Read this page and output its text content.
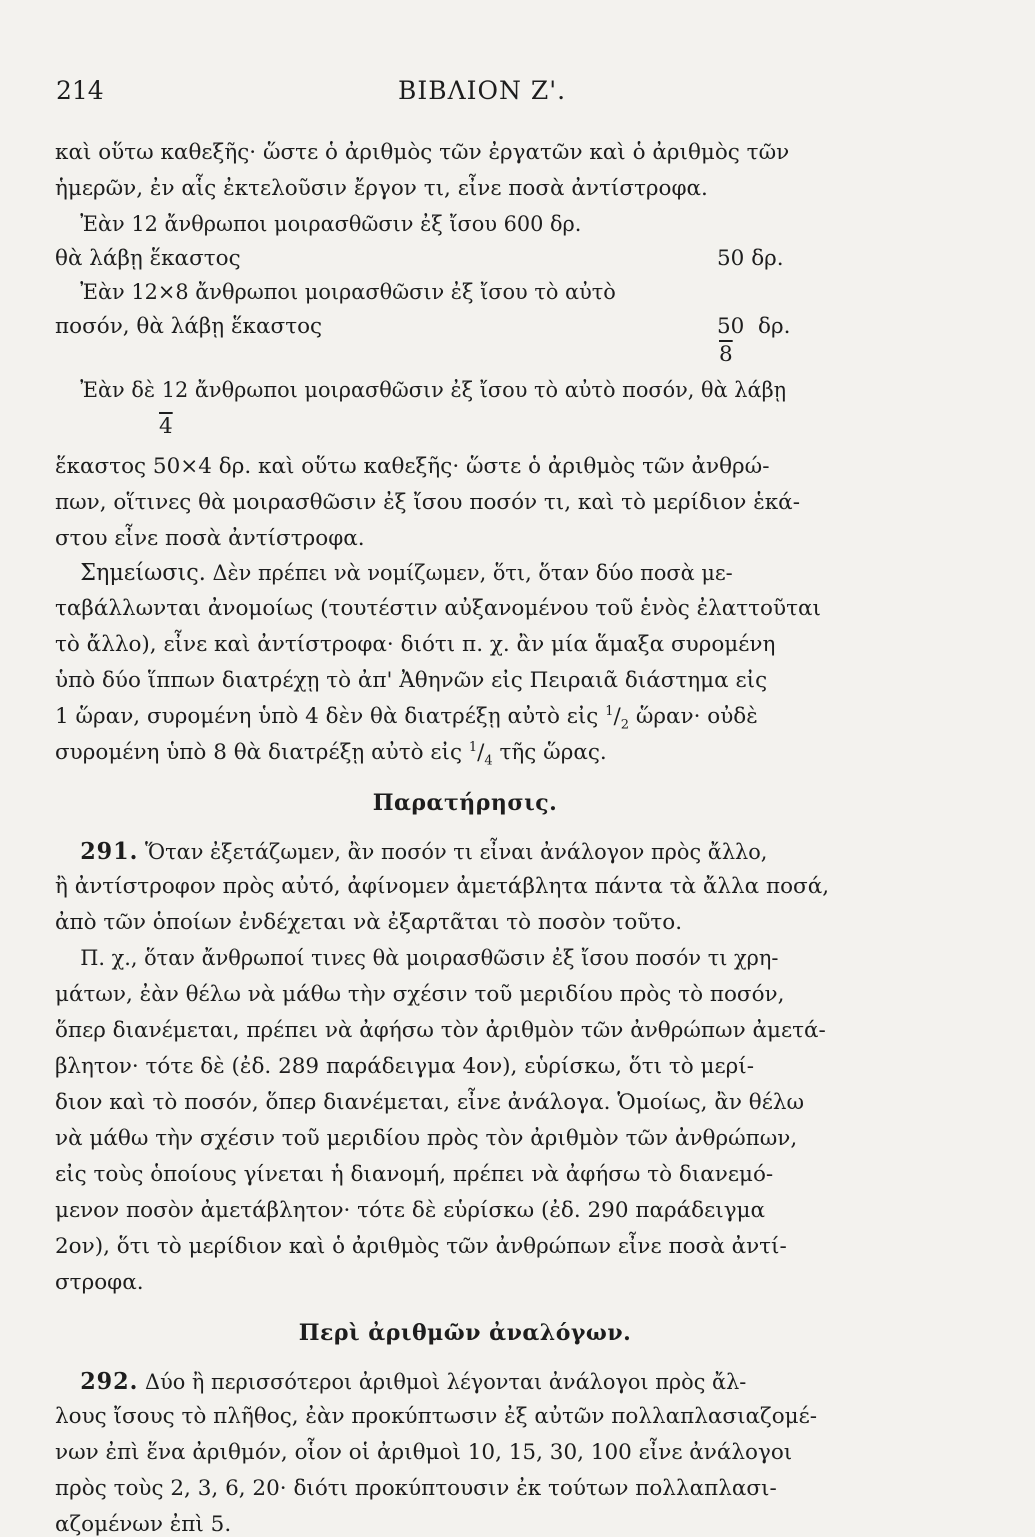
214	ΒΙΒΛΙΟΝ Ζ'.
καὶ οὕτω καθεξῆς· ὥστε ὁ ἀριθμὸς τῶν ἐργατῶν καὶ ὁ ἀριθμὸς τῶν
ἡμερῶν, ἐν αἷς ἐκτελοῦσιν ἔργον τι, εἶνε ποσὰ ἀντίστροφα.
Ἐὰν 12 ἄνθρωποι μοιρασθῶσιν ἐξ ἴσου 600 δρ.
θὰ λάβῃ ἕκαστος	50 δρ.
Ἐὰν 12×8 ἄνθρωποι μοιρασθῶσιν ἐξ ἴσου τὸ αὐτὸ
ποσόν, θὰ λάβῃ ἕκαστος	50 δρ.
8
Ἐὰν δὲ 12 ἄνθρωποι μοιρασθῶσιν ἐξ ἴσου τὸ αὐτὸ ποσόν, θὰ λάβῃ
4
ἕκαστος 50×4 δρ. καὶ οὕτω καθεξῆς· ὥστε ὁ ἀριθμὸς τῶν ἀνθρώ-
πων, οἵτινες θὰ μοιρασθῶσιν ἐξ ἴσου ποσόν τι, καὶ τὸ μερίδιον ἑκά-
στου εἶνε ποσὰ ἀντίστροφα.
Σημείωσις. Δὲν πρέπει νὰ νομίζωμεν, ὅτι, ὅταν δύο ποσὰ με-
ταβάλλωνται ἀνομοίως (τουτέστιν αὐξανομένου τοῦ ἑνὸς ἐλαττοῦται
τὸ ἄλλο), εἶνε καὶ ἀντίστροφα· διότι π. χ. ἂν μία ἅμαξα συρομένη
ὑπὸ δύο ἵππων διατρέχῃ τὸ ἀπ' Ἀθηνῶν εἰς Πειραιᾶ διάστημα εἰς
1 ὥραν, συρομένη ὑπὸ 4 δὲν θὰ διατρέξῃ αὐτὸ εἰς $^1/_2$ ὥραν· οὐδὲ
συρομένη ὑπὸ 8 θὰ διατρέξῃ αὐτὸ εἰς $^1/_4$ τῆς ὥρας.
Παρατήρησις.
291. Ὅταν ἐξετάζωμεν, ἂν ποσόν τι εἶναι ἀνάλογον πρὸς ἄλλο,
ἢ ἀντίστροφον πρὸς αὐτό, ἀφίνομεν ἀμετάβλητα πάντα τὰ ἄλλα ποσά,
ἀπὸ τῶν ὁποίων ἐνδέχεται νὰ ἐξαρτᾶται τὸ ποσὸν τοῦτο.
Π. χ., ὅταν ἄνθρωποί τινες θὰ μοιρασθῶσιν ἐξ ἴσου ποσόν τι χρη-
μάτων, ἐὰν θέλω νὰ μάθω τὴν σχέσιν τοῦ μεριδίου πρὸς τὸ ποσόν,
ὅπερ διανέμεται, πρέπει νὰ ἀφήσω τὸν ἀριθμὸν τῶν ἀνθρώπων ἀμετά-
βλητον· τότε δὲ (ἐδ. 289 παράδειγμα 4ον), εὑρίσκω, ὅτι τὸ μερί-
διον καὶ τὸ ποσόν, ὅπερ διανέμεται, εἶνε ἀνάλογα. Ὁμοίως, ἂν θέλω
νὰ μάθω τὴν σχέσιν τοῦ μεριδίου πρὸς τὸν ἀριθμὸν τῶν ἀνθρώπων,
εἰς τοὺς ὁποίους γίνεται ἡ διανομή, πρέπει νὰ ἀφήσω τὸ διανεμό-
μενον ποσὸν ἀμετάβλητον· τότε δὲ εὑρίσκω (ἐδ. 290 παράδειγμα
2ον), ὅτι τὸ μερίδιον καὶ ὁ ἀριθμὸς τῶν ἀνθρώπων εἶνε ποσὰ ἀντί-
στροφα.
Περὶ ἀριθμῶν ἀναλόγων.
292. Δύο ἢ περισσότεροι ἀριθμοὶ λέγονται ἀνάλογοι πρὸς ἄλ-
λους ἴσους τὸ πλῆθος, ἐὰν προκύπτωσιν ἐξ αὐτῶν πολλαπλασιαζομέ-
νων ἐπὶ ἕνα ἀριθμόν, οἷον οἱ ἀριθμοὶ 10, 15, 30, 100 εἶνε ἀνάλογοι
πρὸς τοὺς 2, 3, 6, 20· διότι προκύπτουσιν ἐκ τούτων πολλαπλασι-
αζομένων ἐπὶ 5.
